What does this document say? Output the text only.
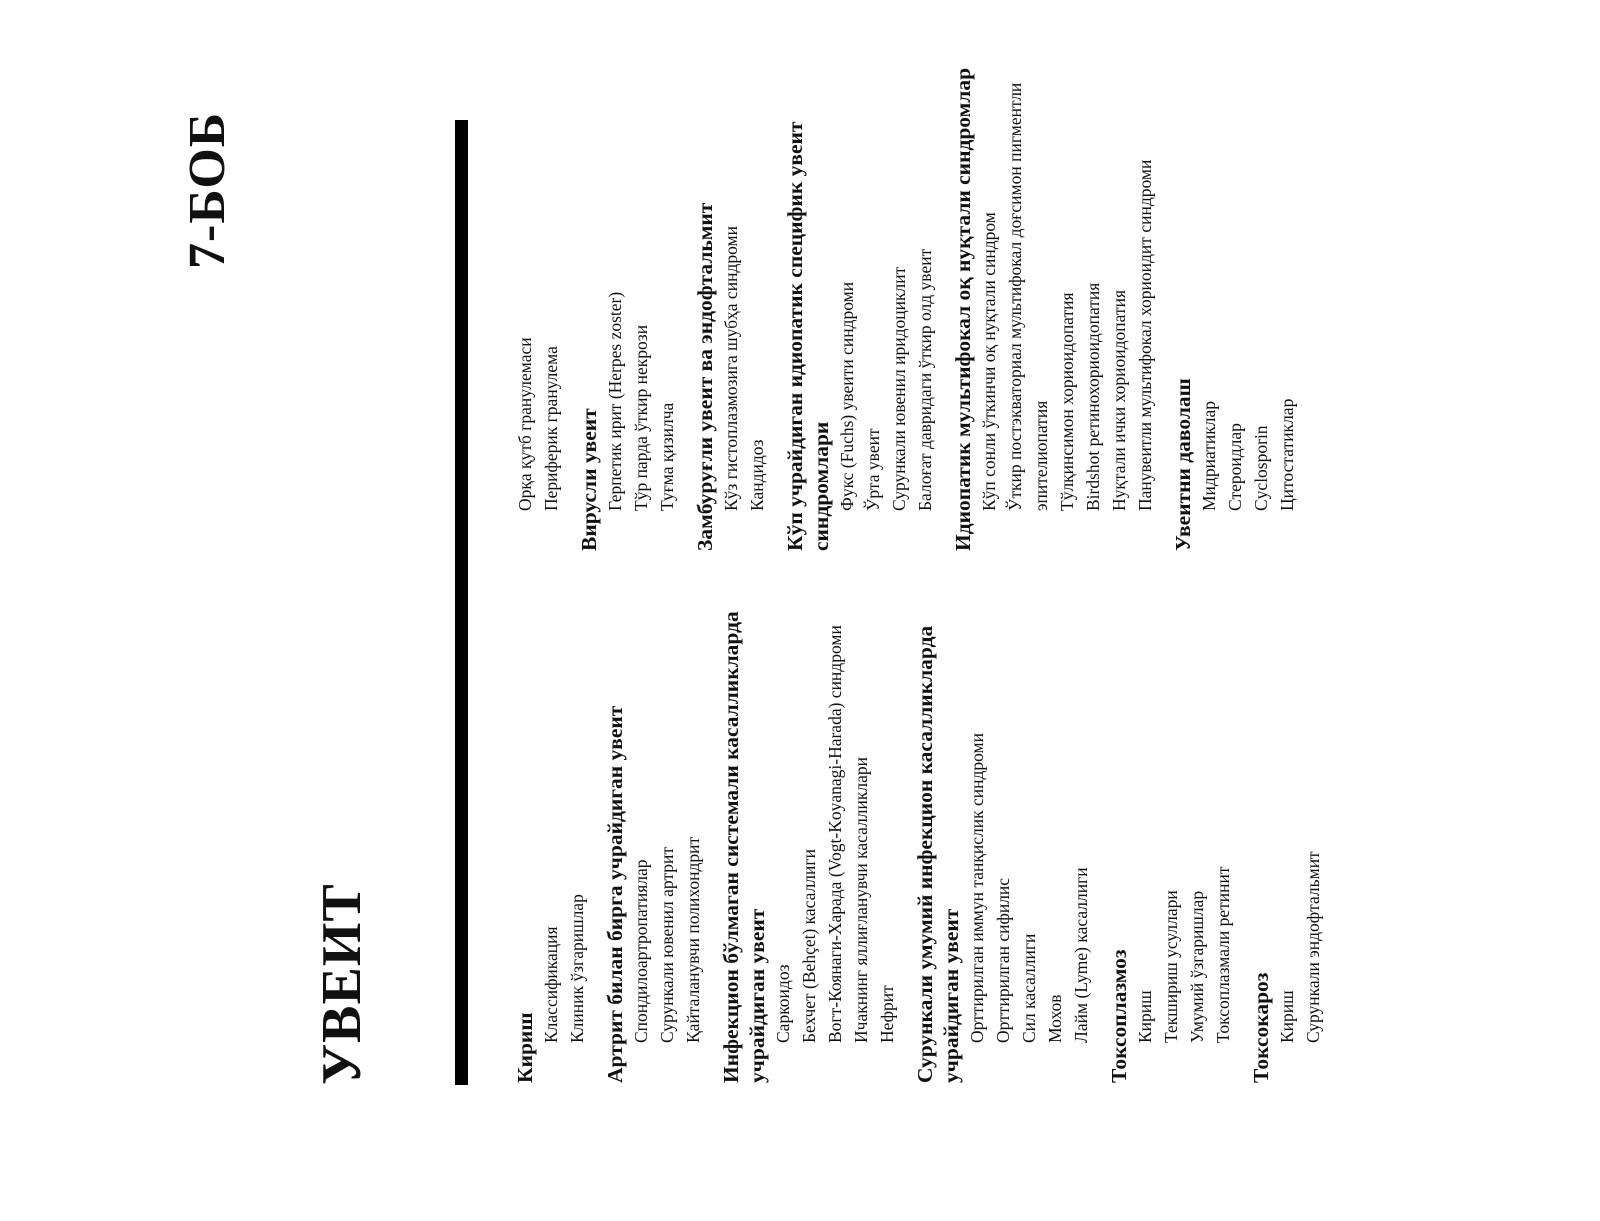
7-БОБ
УВЕИТ	Кириш

Классификация Клиник ўзгаришлар Артрит билан бирга учрайдиган увеит Спондилоартропатиялар Сурункали ювенил артрит Қайталанувчи полихондрит Инфекцион бўлмаган системали касалликларда учрайдиган увеит Саркоидоз Бехчет (Behçet) касаллиги Вогт-Коянаги-Харада (Vogt-Koyanagi-Harada) синдроми Ичакнинг яллиғланувчи касалликлари Нефрит Сурункали умумий инфекцион касалликларда учрайдиган увеит Орттирилган иммун танқислик синдроми Орттирилган сифилис Сил касаллиги Мохов Лайм (Lyme) касаллиги Токсоплазмоз Кириш Текшириш усуллари Умумий ўзгаришлар Токсоплазмали ретинит Токсокароз Кириш Сурункали эндофтальмит
Орқа қутб гранулемаси Периферик гранулема Вирусли увеит Герпетик ирит (Herpes zoster) Тўр парда ўткир некрози Туғма қизилча Замбуруғли увеит ва эндофтальмит Кўз гистоплазмозига шубҳа синдроми Кандидоз Кўп учрайдиган идиопатик специфик увеит синдромлари Фукс (Fuchs) увеити синдроми Ўрта увеит Сурункали ювенил иридоциклит Балоғат давридаги ўткир олд увеит Идиопатик мультифокал оқ нуқтали синдромлар Кўп сонли ўткинчи оқ нуқтали синдром Ўткир постэкваториал мультифокал доғсимон пигментли эпителиопатия Тўлқинсимон хориоидопатия Birdshot ретинохориоидопатия Нуқтали ички хориоидопатия Панувеитли мультифокал хориоидит синдроми Увеитни даволаш Мидриатиклар Стероидлар Cyclosporin Цитостатиклар
